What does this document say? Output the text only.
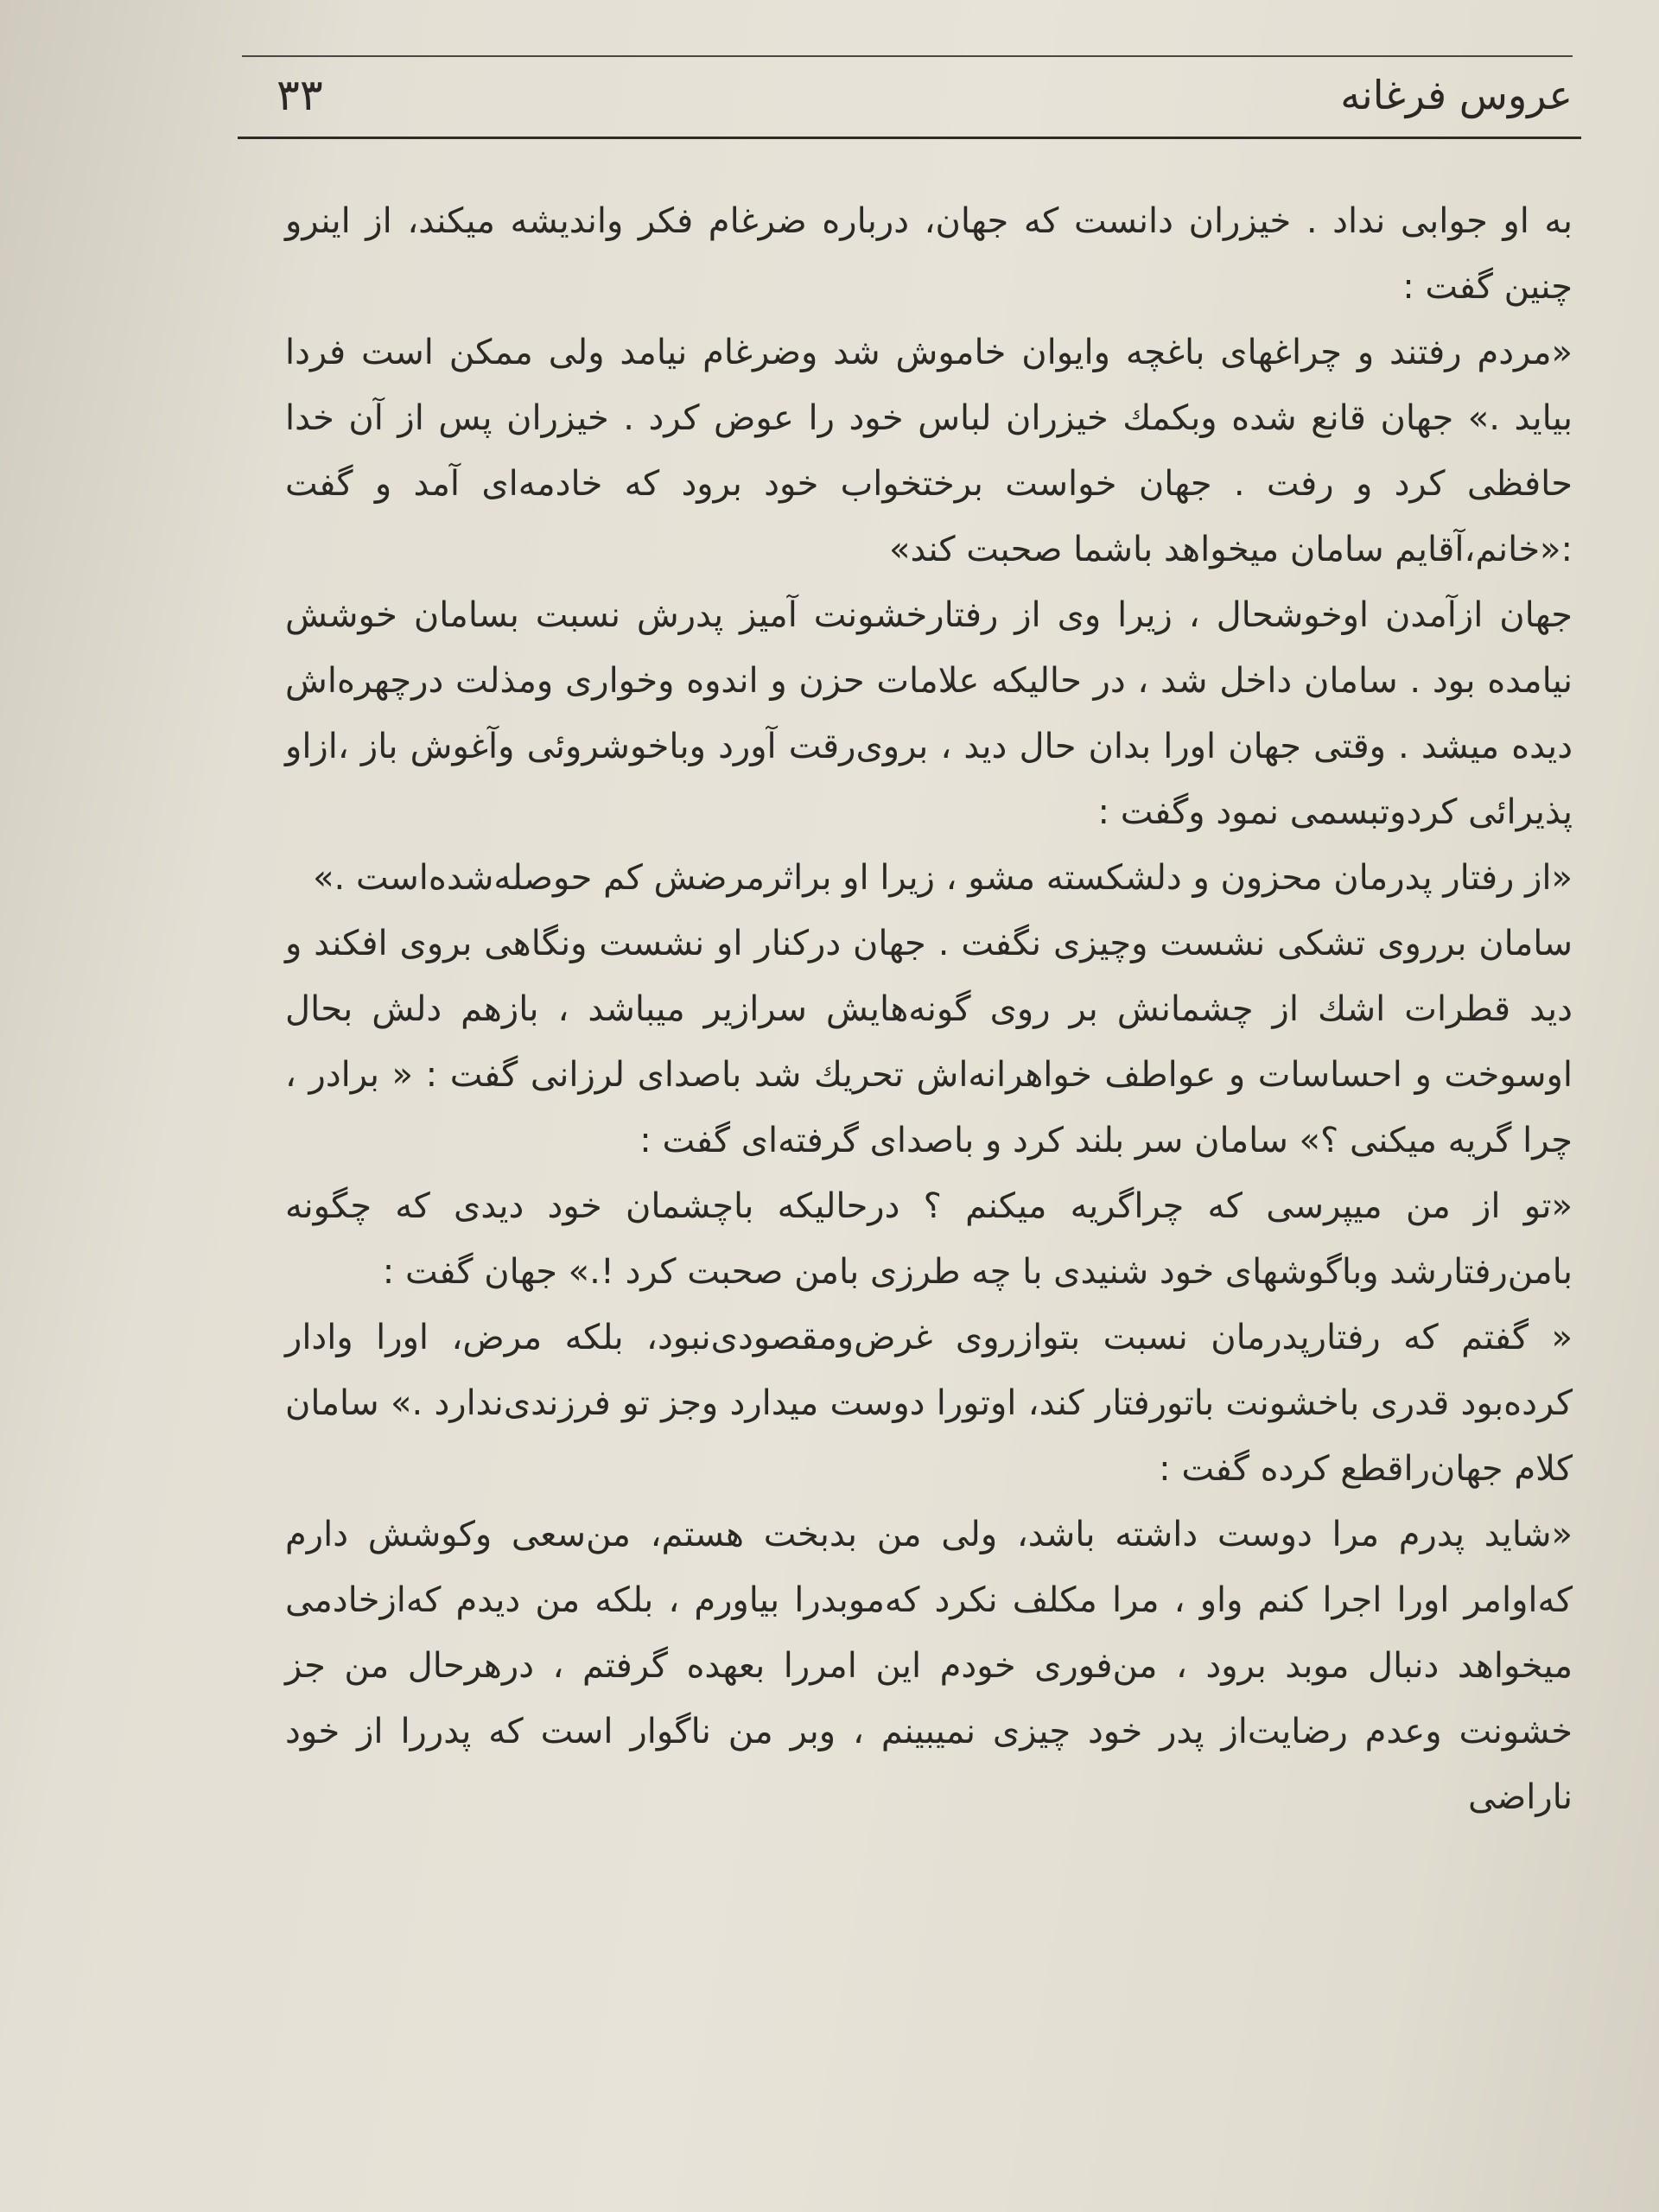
عروس فرغانه
۳۳

به او جوابی نداد . خیزران دانست که جهان، درباره ضرغام فکر واندیشه میکند، از اینرو چنین گفت :

«مردم رفتند و چراغهای باغچه وایوان خاموش شد وضرغام نیامد ولی ممکن است فردا بیاید .» جهان قانع شده وبکمك خیزران لباس خود را عوض کرد . خیزران پس از آن خدا حافظی کرد و رفت . جهان خواست برختخواب خود برود که خادمه‌ای آمد و گفت :«خانم،آقایم سامان میخواهد باشما صحبت کند»

جهان ازآمدن اوخوشحال ، زیرا وی از رفتارخشونت آمیز پدرش نسبت بسامان خوشش نیامده بود . سامان داخل شد ، در حالیکه علامات حزن و اندوه وخواری ومذلت درچهره‌اش دیده میشد . وقتی جهان اورا بدان حال دید ، بروی‌رقت آورد وباخوشروئی وآغوش باز ،ازاو پذیرائی کردوتبسمی نمود وگفت :

«از رفتار پدرمان محزون و دلشکسته مشو ، زیرا او براثرمرضش کم حوصله‌شده‌است .»

سامان برروی تشکی نشست وچیزی نگفت . جهان درکنار او نشست ونگاهی بروی افکند و دید قطرات اشك از چشمانش بر روی گونه‌هایش سرازیر میباشد ، بازهم دلش بحال اوسوخت و احساسات و عواطف خواهرانه‌اش تحریك شد باصدای لرزانی گفت : « برادر ، چرا گریه میکنی ؟» سامان سر بلند کرد و باصدای گرفته‌ای گفت :

«تو از من میپرسی که چراگریه میکنم ؟ درحالیکه باچشمان خود دیدی که چگونه بامن‌رفتارشد وباگوشهای خود شنیدی با چه طرزی بامن صحبت کرد !.» جهان گفت :

« گفتم که رفتارپدرمان نسبت بتوازروی غرض‌ومقصودی‌نبود، بلکه مرض، اورا وادار کرده‌بود قدری باخشونت باتورفتار کند، اوتورا دوست میدارد وجز تو فرزندی‌ندارد .» سامان کلام جهان‌راقطع کرده گفت :

«شاید پدرم مرا دوست داشته باشد، ولی من بدبخت هستم، من‌سعی وکوشش دارم که‌اوامر اورا اجرا کنم واو ، مرا مکلف نکرد که‌موبدرا بیاورم ، بلکه من دیدم که‌ازخادمی میخواهد دنبال موبد برود ، من‌فوری خودم این امررا بعهده گرفتم ، درهرحال من جز خشونت وعدم رضایت‌از پدر خود چیزی نمیبینم ، وبر من ناگوار است که پدررا از خود ناراضی
